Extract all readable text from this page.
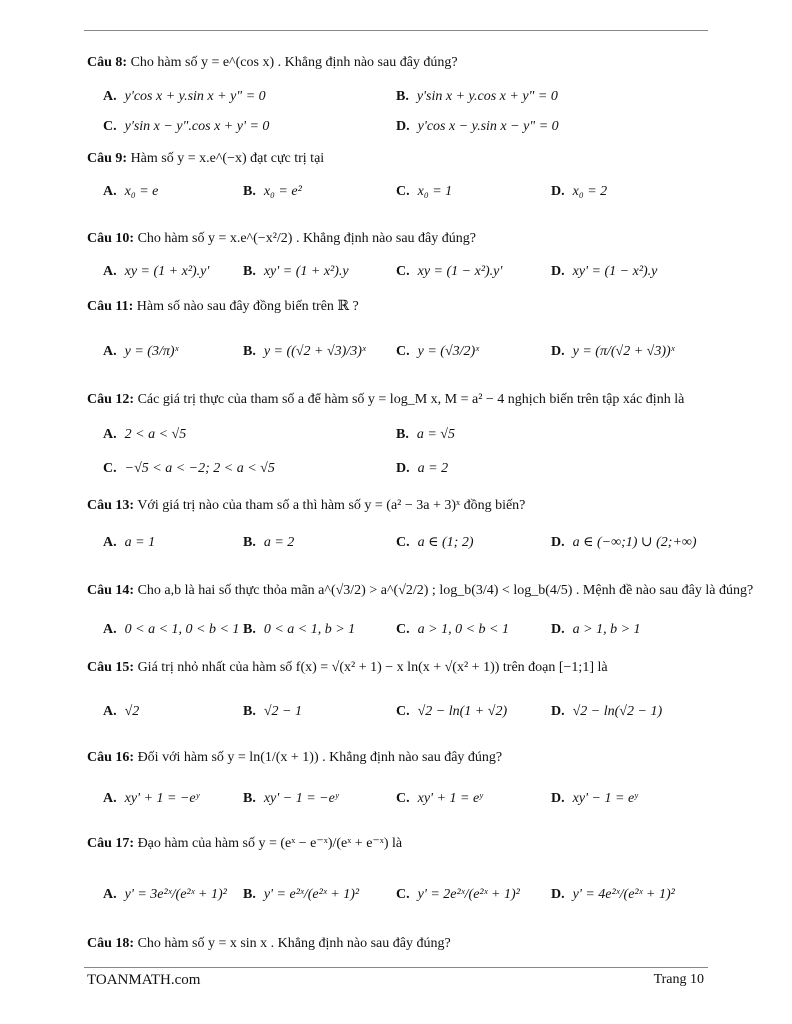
Câu 8: Cho hàm số y = e^(cos x) . Khẳng định nào sau đây đúng?
A. y'cos x + y.sin x + y" = 0	B. y'sin x + y.cos x + y" = 0
C. y'sin x − y".cos x + y' = 0	D. y'cos x − y.sin x − y" = 0
Câu 9: Hàm số y = x.e^(−x) đạt cực trị tại
A. x₀ = e	B. x₀ = e²	C. x₀ = 1	D. x₀ = 2
Câu 10: Cho hàm số y = x.e^(−x²/2) . Khẳng định nào sau đây đúng?
A. xy = (1 + x²).y' B. xy' = (1 + x²).y	C. xy = (1 − x²).y'	D. xy' = (1 − x²).y
Câu 11: Hàm số nào sau đây đồng biến trên ℝ ?
A. y = (3/π)ˣ	B. y = ((√2 + √3)/3)ˣ C. y = (√3/2)ˣ	D. y = (π/(√2 + √3))ˣ
Câu 12: Các giá trị thực của tham số a để hàm số y = log_M x, M = a² − 4 nghịch biến trên tập xác định là
A. 2 < a < √5	B. a = √5
C. −√5 < a < −2; 2 < a < √5	D. a = 2
Câu 13: Với giá trị nào của tham số a thì hàm số y = (a² − 3a + 3)ˣ đồng biến?
A. a = 1	B. a = 2	C. a ∈ (1; 2)	D. a ∈ (−∞;1) ∪ (2;+∞)
Câu 14: Cho a,b là hai số thực thỏa mãn a^(√3/2) > a^(√2/2) ; log_b(3/4) < log_b(4/5) . Mệnh đề nào sau đây là đúng?
A. 0 < a < 1, 0 < b < 1 B. 0 < a < 1, b > 1	C. a > 1, 0 < b < 1	D. a > 1, b > 1
Câu 15: Giá trị nhỏ nhất của hàm số f(x) = √(x² + 1) − x ln(x + √(x² + 1)) trên đoạn [−1;1] là
A. √2	B. √2 − 1	C. √2 − ln(1 + √2)	D. √2 − ln(√2 − 1)
Câu 16: Đối với hàm số y = ln(1/(x + 1)) . Khẳng định nào sau đây đúng?
A. xy' + 1 = −eʸ	B. xy' − 1 = −eʸ	C. xy' + 1 = eʸ	D. xy' − 1 = eʸ
Câu 17: Đạo hàm của hàm số y = (eˣ − e⁻ˣ)/(eˣ + e⁻ˣ) là
A. y' = 3e²ˣ/(e²ˣ + 1)² B. y' = e²ˣ/(e²ˣ + 1)²	C. y' = 2e²ˣ/(e²ˣ + 1)² D. y' = 4e²ˣ/(e²ˣ + 1)²
Câu 18: Cho hàm số y = x sin x . Khẳng định nào sau đây đúng?
TOANMATH.com	Trang 10
